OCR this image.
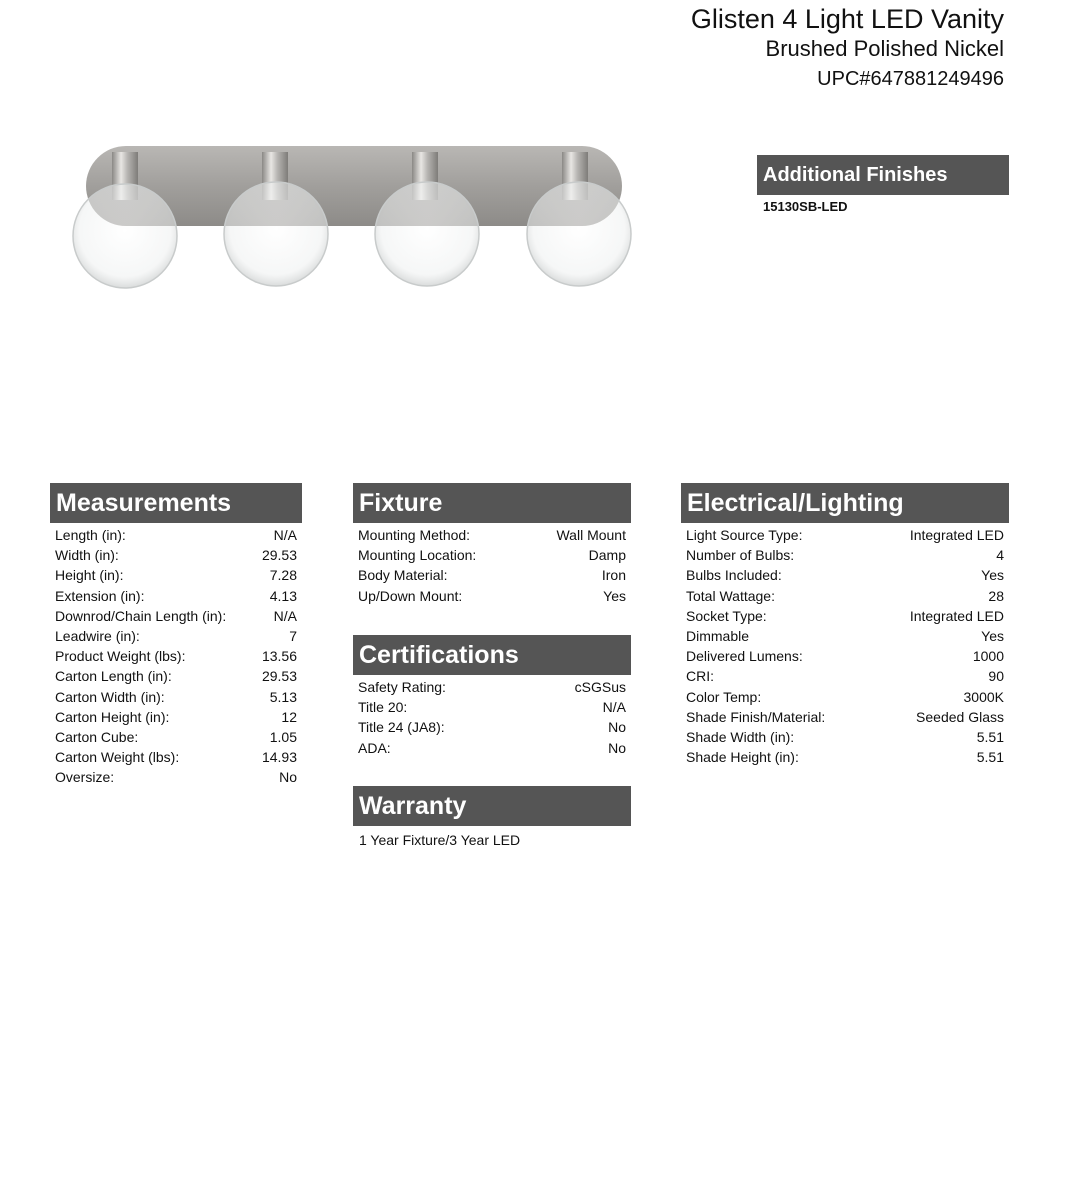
Glisten 4 Light LED Vanity
Brushed Polished Nickel
UPC#647881249496
Additional Finishes
15130SB-LED
Measurements
Length (in):	N/A
Width (in):	29.53
Height (in):	7.28
Extension (in):	4.13
Downrod/Chain Length (in):	N/A
Leadwire (in):	7
Product Weight (lbs):	13.56
Carton Length (in):	29.53
Carton Width (in):	5.13
Carton Height (in):	12
Carton Cube:	1.05
Carton Weight (lbs):	14.93
Oversize:	No
Fixture
Mounting Method:	Wall Mount
Mounting Location:	Damp
Body Material:	Iron
Up/Down Mount:	Yes
Certifications
Safety Rating:	cSGSus
Title 20:	N/A
Title 24 (JA8):	No
ADA:	No
Warranty
1 Year Fixture/3 Year LED
Electrical/Lighting
Light Source Type:	Integrated LED
Number of Bulbs:	4
Bulbs Included:	Yes
Total Wattage:	28
Socket Type:	Integrated LED
Dimmable	Yes
Delivered Lumens:	1000
CRI:	90
Color Temp:	3000K
Shade Finish/Material:	Seeded Glass
Shade Width (in):	5.51
Shade Height (in):	5.51
